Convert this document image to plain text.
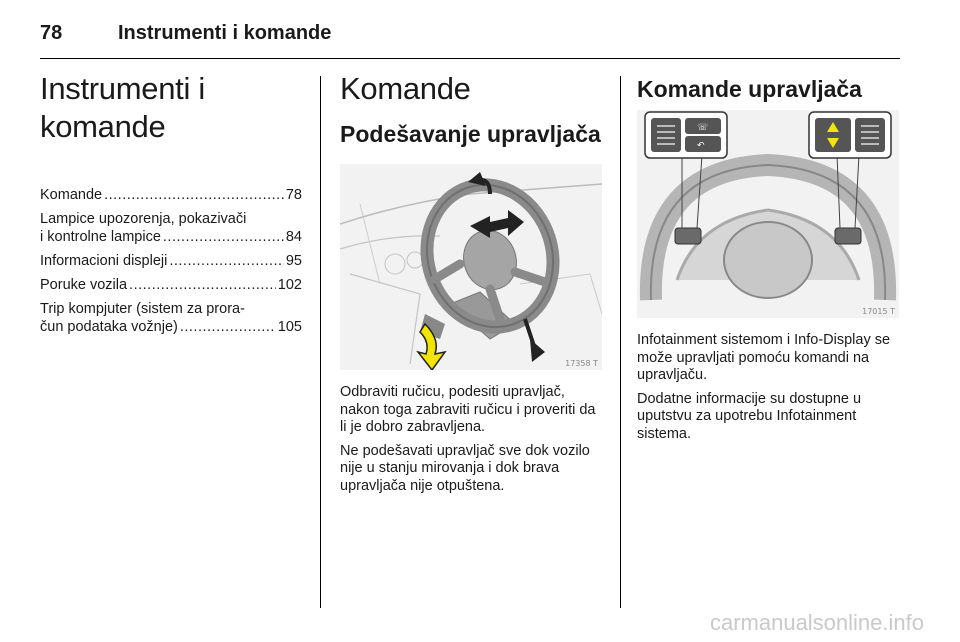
78	Instrumenti i komande
Instrumenti i komande
Komande .....	78
Lampice upozorenja, pokazivači
i kontrolne lampice .....	84
Informacioni displeji .....	95
Poruke vozila .....	102
Trip kompjuter (sistem za prora-
čun podataka vožnje) .....	105
Komande
Podešavanje upravljača
17358 T

Odbraviti ručicu, podesiti upravljač, nakon toga zabraviti ručicu i proveriti da li je dobro zabravljena.

Ne podešavati upravljač sve dok vozilo nije u stanju mirovanja i dok brava upravljača nije otpuštena.

Komande upravljača
☏
↶
17015 T

Infotainment sistemom i Info-Display se može upravljati pomoću komandi na upravljaču.

Dodatne informacije su dostupne u uputstvu za upotrebu Infotainment sistema.

carmanualsonline.info
